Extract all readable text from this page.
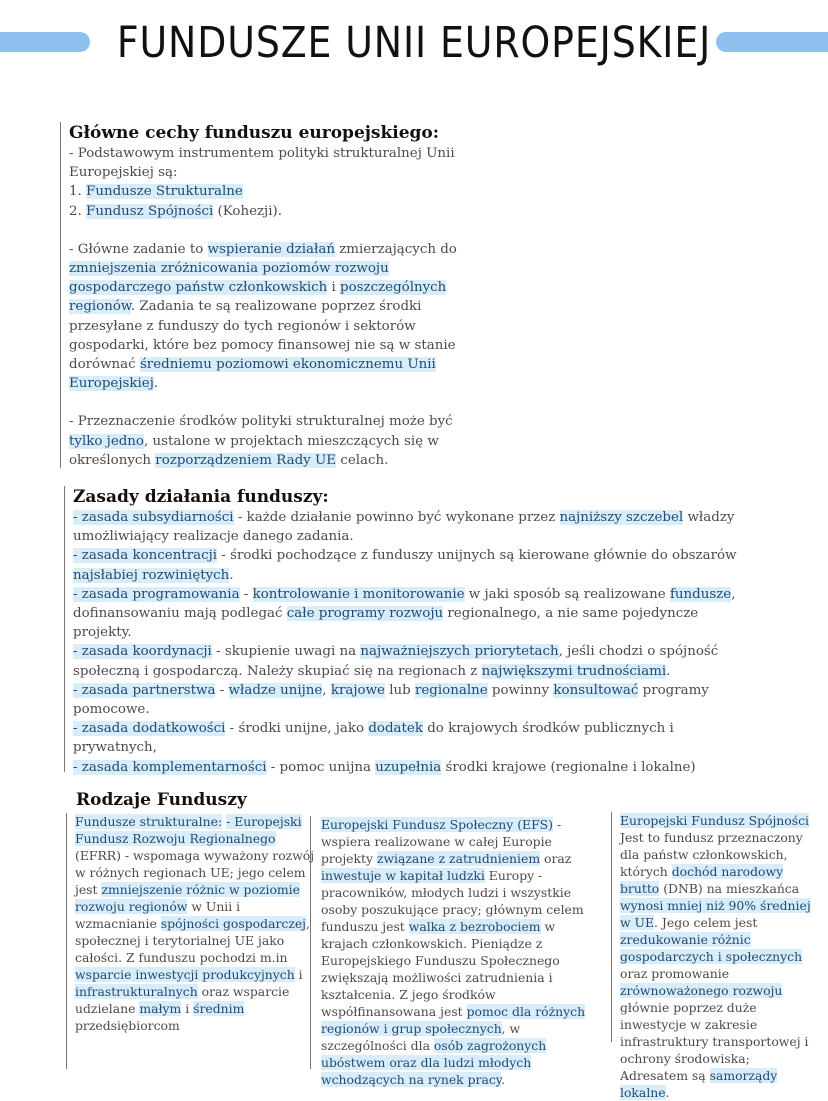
FUNDUSZE UNII EUROPEJSKIEJ

Główne cechy funduszu europejskiego:

- Podstawowym instrumentem polityki strukturalnej Unii Europejskiej są:

1. Fundusze Strukturalne

2. Fundusz Spójności (Kohezji).

- Główne zadanie to wspieranie działań zmierzających do zmniejszenia zróżnicowania poziomów rozwoju gospodarczego państw członkowskich i poszczególnych regionów. Zadania te są realizowane poprzez środki przesyłane z funduszy do tych regionów i sektorów gospodarki, które bez pomocy finansowej nie są w stanie dorównać średniemu poziomowi ekonomicznemu Unii Europejskiej.

- Przeznaczenie środków polityki strukturalnej może być tylko jedno, ustalone w projektach mieszczących się w określonych rozporządzeniem Rady UE celach.

Zasady działania funduszy:

- zasada subsydiarności - każde działanie powinno być wykonane przez najniższy szczebel władzy umożliwiający realizacje danego zadania.

- zasada koncentracji - środki pochodzące z funduszy unijnych są kierowane głównie do obszarów najsłabiej rozwiniętych.

- zasada programowania - kontrolowanie i monitorowanie w jaki sposób są realizowane fundusze, dofinansowaniu mają podlegać całe programy rozwoju regionalnego, a nie same pojedyncze projekty.

- zasada koordynacji - skupienie uwagi na najważniejszych priorytetach, jeśli chodzi o spójność społeczną i gospodarczą. Należy skupiać się na regionach z największymi trudnościami.

- zasada partnerstwa - władze unijne, krajowe lub regionalne powinny konsultować programy pomocowe.

- zasada dodatkowości - środki unijne, jako dodatek do krajowych środków publicznych i prywatnych,

- zasada komplementarności - pomoc unijna uzupełnia środki krajowe (regionalne i lokalne)

Rodzaje Funduszy

Fundusze strukturalne: - Europejski Fundusz Rozwoju Regionalnego (EFRR) - wspomaga wyważony rozwój w różnych regionach UE; jego celem jest zmniejszenie różnic w poziomie rozwoju regionów w Unii i wzmacnianie spójności gospodarczej, społecznej i terytorialnej UE jako całości. Z funduszu pochodzi m.in wsparcie inwestycji produkcyjnych i infrastrukturalnych oraz wsparcie udzielane małym i średnim przedsiębiorcom

Europejski Fundusz Społeczny (EFS) - wspiera realizowane w całej Europie projekty związane z zatrudnieniem oraz inwestuje w kapitał ludzki Europy - pracowników, młodych ludzi i wszystkie osoby poszukujące pracy; głównym celem funduszu jest walka z bezrobociem w krajach członkowskich. Pieniądze z Europejskiego Funduszu Społecznego zwiększają możliwości zatrudnienia i kształcenia. Z jego środków współfinansowana jest pomoc dla różnych regionów i grup społecznych, w szczególności dla osób zagrożonych ubóstwem oraz dla ludzi młodych wchodzących na rynek pracy.

Europejski Fundusz Spójności Jest to fundusz przeznaczony dla państw członkowskich, których dochód narodowy brutto (DNB) na mieszkańca wynosi mniej niż 90% średniej w UE. Jego celem jest zredukowanie różnic gospodarczych i społecznych oraz promowanie zrównoważonego rozwoju głównie poprzez duże inwestycje w zakresie infrastruktury transportowej i ochrony środowiska; Adresatem są samorządy lokalne.
